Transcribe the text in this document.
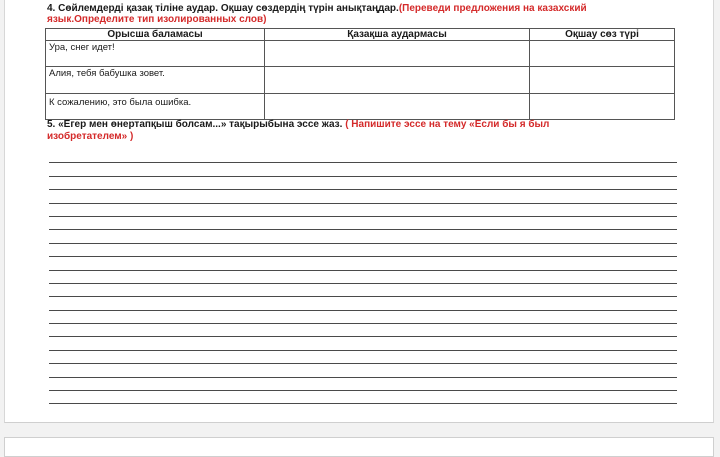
4. Сөйлемдерді қазақ тіліне аудар. Оқшау сөздердің түрін анықтаңдар.(Переведи предложения на казахский
язык.Определите тип изолированных слов)
Орысша баламасы	Қазақша аудармасы	Оқшау сөз түрі
Ура, снег идет!		
Алия, тебя бабушка зовет.		
К сожалению, это была ошибка.		
5. «Егер мен өнертапқыш болсам...» тақырыбына эссе жаз. ( Напишите эссе на тему «Если бы я был
изобретателем» )
